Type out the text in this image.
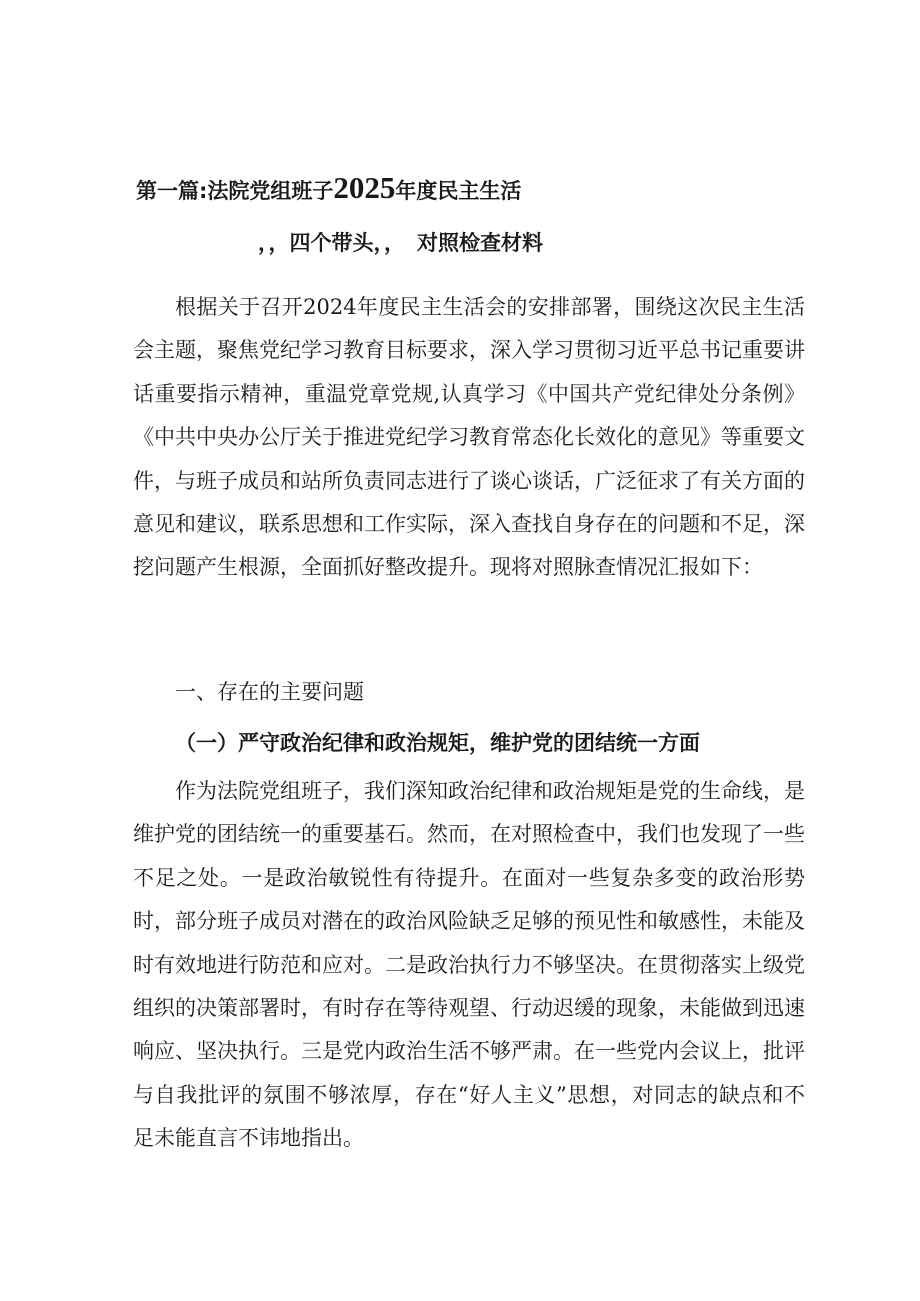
第一篇:法院党组班子2025年度民主生活
，，四个带头，， 对照检查材料

根据关于召开2024年度民主生活会的安排部署，围绕这次民主生活会主题，聚焦党纪学习教育目标要求，深入学习贯彻习近平总书记重要讲话重要指示精神，重温党章党规,认真学习《中国共产党纪律处分条例》《中共中央办公厅关于推进党纪学习教育常态化长效化的意见》等重要文件，与班子成员和站所负责同志进行了谈心谈话，广泛征求了有关方面的意见和建议，联系思想和工作实际，深入查找自身存在的问题和不足，深挖问题产生根源，全面抓好整改提升。现将对照脉查情况汇报如下：

一、存在的主要问题
（一）严守政治纪律和政治规矩，维护党的团结统一方面

作为法院党组班子，我们深知政治纪律和政治规矩是党的生命线，是维护党的团结统一的重要基石。然而，在对照检查中，我们也发现了一些不足之处。一是政治敏锐性有待提升。在面对一些复杂多变的政治形势时，部分班子成员对潜在的政治风险缺乏足够的预见性和敏感性，未能及时有效地进行防范和应对。二是政治执行力不够坚决。在贯彻落实上级党组织的决策部署时，有时存在等待观望、行动迟缓的现象，未能做到迅速响应、坚决执行。三是党内政治生活不够严肃。在一些党内会议上，批评与自我批评的氛围不够浓厚，存在“好人主义”思想，对同志的缺点和不足未能直言不讳地指出。
